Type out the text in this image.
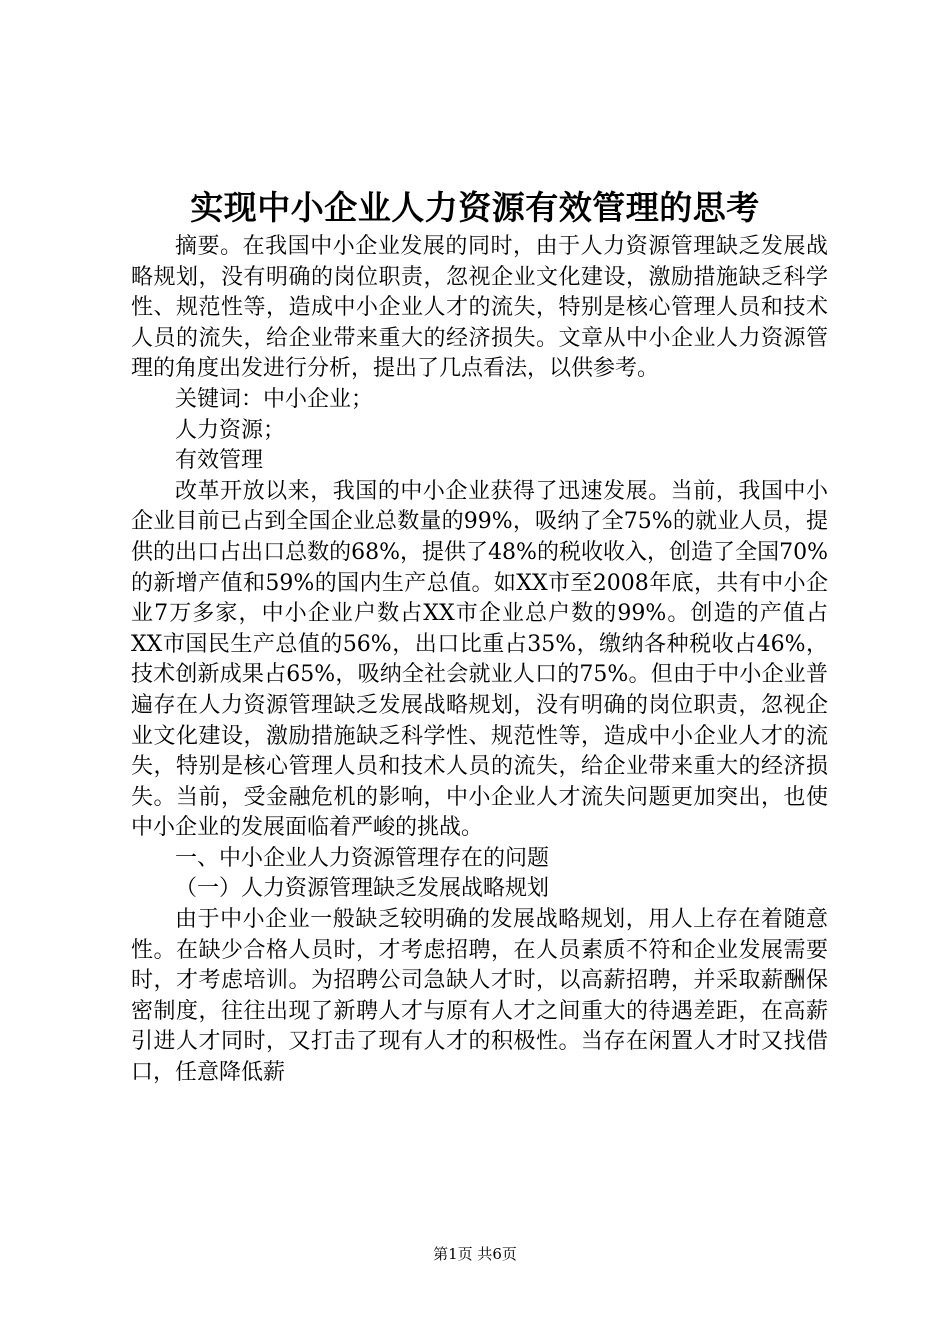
实现中小企业人力资源有效管理的思考

摘要。在我国中小企业发展的同时，由于人力资源管理缺乏发展战略规划，没有明确的岗位职责，忽视企业文化建设，激励措施缺乏科学性、规范性等，造成中小企业人才的流失，特别是核心管理人员和技术人员的流失，给企业带来重大的经济损失。文章从中小企业人力资源管理的角度出发进行分析，提出了几点看法，以供参考。

关键词：中小企业；

人力资源；

有效管理

改革开放以来，我国的中小企业获得了迅速发展。当前，我国中小企业目前已占到全国企业总数量的99%，吸纳了全75%的就业人员，提供的出口占出口总数的68%，提供了48%的税收收入，创造了全国70%的新增产值和59%的国内生产总值。如XX市至2008年底，共有中小企业7万多家，中小企业户数占XX市企业总户数的99%。创造的产值占XX市国民生产总值的56%，出口比重占35%，缴纳各种税收占46%，技术创新成果占65%，吸纳全社会就业人口的75%。但由于中小企业普遍存在人力资源管理缺乏发展战略规划，没有明确的岗位职责，忽视企业文化建设，激励措施缺乏科学性、规范性等，造成中小企业人才的流失，特别是核心管理人员和技术人员的流失，给企业带来重大的经济损失。当前，受金融危机的影响，中小企业人才流失问题更加突出，也使中小企业的发展面临着严峻的挑战。

一、中小企业人力资源管理存在的问题

（一）人力资源管理缺乏发展战略规划

由于中小企业一般缺乏较明确的发展战略规划，用人上存在着随意性。在缺少合格人员时，才考虑招聘，在人员素质不符和企业发展需要时，才考虑培训。为招聘公司急缺人才时，以高薪招聘，并采取薪酬保密制度，往往出现了新聘人才与原有人才之间重大的待遇差距，在高薪引进人才同时，又打击了现有人才的积极性。当存在闲置人才时又找借口，任意降低薪

第1页 共6页
